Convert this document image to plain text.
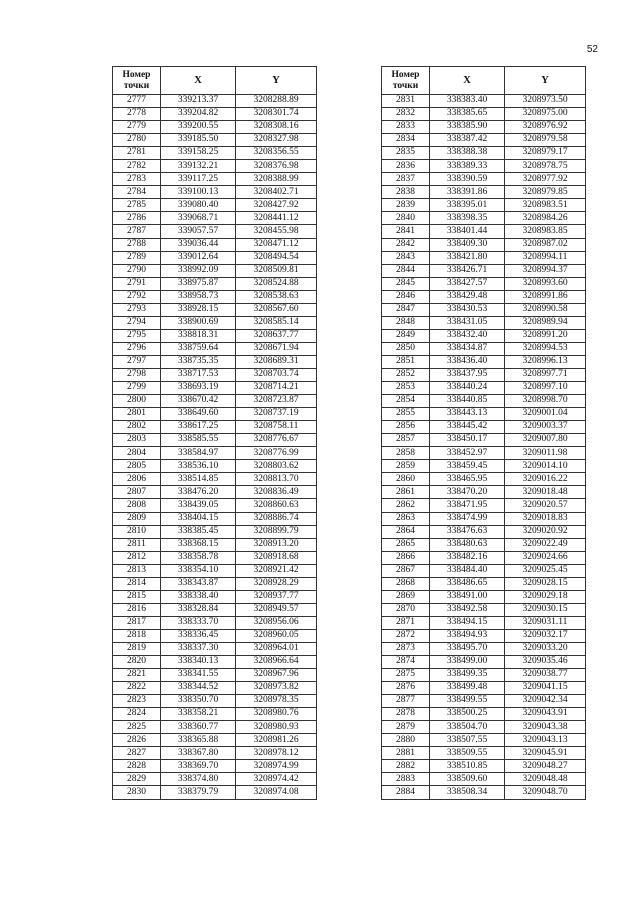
52
Номер
точки	X	Y
2777	339213.37	3208288.89
2778	339204.82	3208301.74
2779	339200.55	3208308.16
2780	339185.50	3208327.98
2781	339158.25	3208356.55
2782	339132.21	3208376.98
2783	339117.25	3208388.99
2784	339100.13	3208402.71
2785	339080.40	3208427.92
2786	339068.71	3208441.12
2787	339057.57	3208455.98
2788	339036.44	3208471.12
2789	339012.64	3208494.54
2790	338992.09	3208509.81
2791	338975.87	3208524.88
2792	338958.73	3208538.63
2793	338928.15	3208567.60
2794	338900.69	3208585.14
2795	338818.31	3208637.77
2796	338759.64	3208671.94
2797	338735.35	3208689.31
2798	338717.53	3208703.74
2799	338693.19	3208714.21
2800	338670.42	3208723.87
2801	338649.60	3208737.19
2802	338617.25	3208758.11
2803	338585.55	3208776.67
2804	338584.97	3208776.99
2805	338536.10	3208803.62
2806	338514.85	3208813.70
2807	338476.20	3208836.49
2808	338439.05	3208860.63
2809	338404.15	3208886.74
2810	338385.45	3208899.79
2811	338368.15	3208913.20
2812	338358.78	3208918.68
2813	338354.10	3208921.42
2814	338343.87	3208928.29
2815	338338.40	3208937.77
2816	338328.84	3208949.57
2817	338333.70	3208956.06
2818	338336.45	3208960.05
2819	338337.30	3208964.01
2820	338340.13	3208966.64
2821	338341.55	3208967.96
2822	338344.52	3208973.82
2823	338350.70	3208978.35
2824	338358.21	3208980.76
2825	338360.77	3208980.93
2826	338365.88	3208981.26
2827	338367.80	3208978.12
2828	338369.70	3208974.99
2829	338374.80	3208974.42
2830	338379.79	3208974.08
Номер
точки	X	Y
2831	338383.40	3208973.50
2832	338385.65	3208975.00
2833	338385.90	3208976.92
2834	338387.42	3208979.58
2835	338388.38	3208979.17
2836	338389.33	3208978.75
2837	338390.59	3208977.92
2838	338391.86	3208979.85
2839	338395.01	3208983.51
2840	338398.35	3208984.26
2841	338401.44	3208983.85
2842	338409.30	3208987.02
2843	338421.80	3208994.11
2844	338426.71	3208994.37
2845	338427.57	3208993.60
2846	338429.48	3208991.86
2847	338430.53	3208990.58
2848	338431.05	3208989.94
2849	338432.40	3208991.20
2850	338434.87	3208994.53
2851	338436.40	3208996.13
2852	338437.95	3208997.71
2853	338440.24	3208997.10
2854	338440.85	3208998.70
2855	338443.13	3209001.04
2856	338445.42	3209003.37
2857	338450.17	3209007.80
2858	338452.97	3209011.98
2859	338459.45	3209014.10
2860	338465.95	3209016.22
2861	338470.20	3209018.48
2862	338471.95	3209020.57
2863	338474.99	3209018.83
2864	338476.63	3209020.92
2865	338480.63	3209022.49
2866	338482.16	3209024.66
2867	338484.40	3209025.45
2868	338486.65	3209028.15
2869	338491.00	3209029.18
2870	338492.58	3209030.15
2871	338494.15	3209031.11
2872	338494.93	3209032.17
2873	338495.70	3209033.20
2874	338499.00	3209035.46
2875	338499.35	3209038.77
2876	338499.48	3209041.15
2877	338499.55	3209042.34
2878	338500.25	3209043.91
2879	338504.70	3209043.38
2880	338507.55	3209043.13
2881	338509.55	3209045.91
2882	338510.85	3209048.27
2883	338509.60	3209048.48
2884	338508.34	3209048.70
